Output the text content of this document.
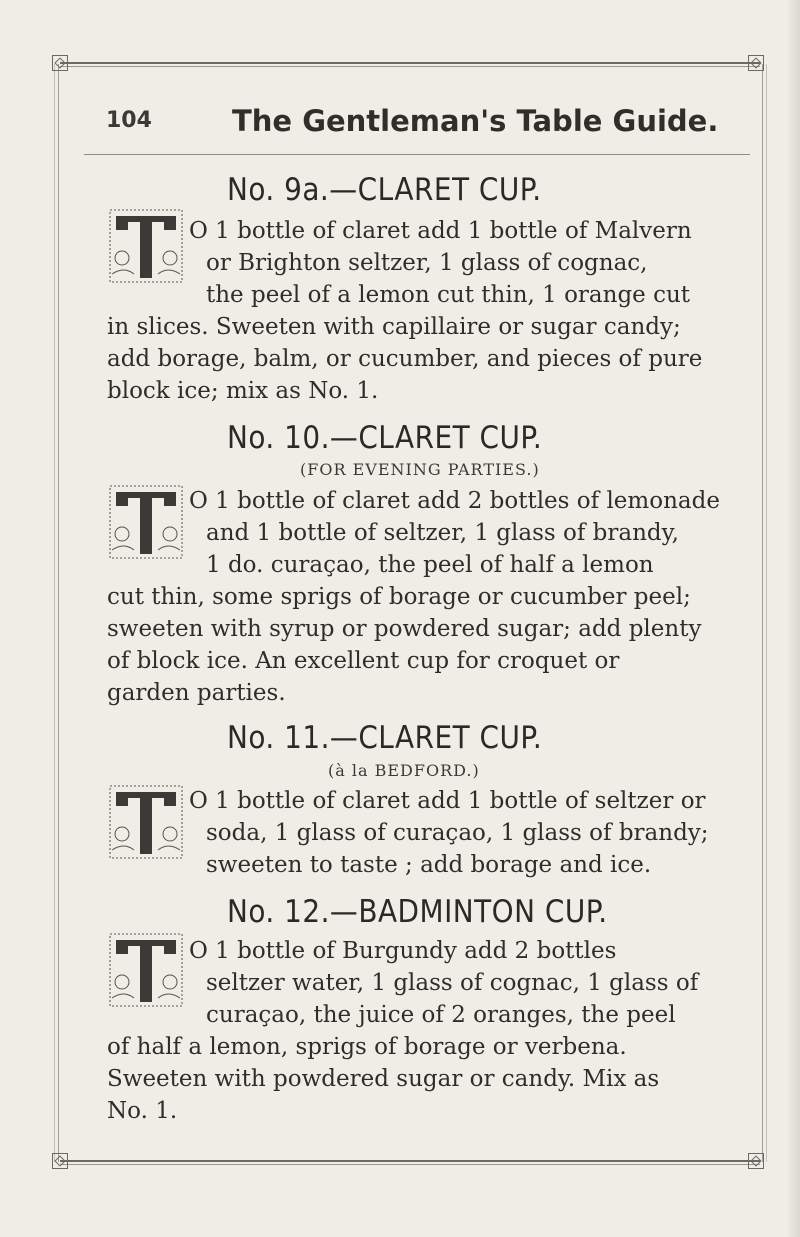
104	The Gentleman's Table Guide.
No. 9a.—CLARET CUP.
O 1 bottle of claret add 1 bottle of Malvern
or Brighton seltzer, 1 glass of cognac,
the peel of a lemon cut thin, 1 orange cut
in slices. Sweeten with capillaire or sugar candy;
add borage, balm, or cucumber, and pieces of pure
block ice; mix as No. 1.
No. 10.—CLARET CUP.
(FOR EVENING PARTIES.)
O 1 bottle of claret add 2 bottles of lemonade
and 1 bottle of seltzer, 1 glass of brandy,
1 do. curaçao, the peel of half a lemon
cut thin, some sprigs of borage or cucumber peel;
sweeten with syrup or powdered sugar; add plenty
of block ice. An excellent cup for croquet or
garden parties.
No. 11.—CLARET CUP.
(à la BEDFORD.)
O 1 bottle of claret add 1 bottle of seltzer or
soda, 1 glass of curaçao, 1 glass of brandy;
sweeten to taste ; add borage and ice.
No. 12.—BADMINTON CUP.
O 1 bottle of Burgundy add 2 bottles
seltzer water, 1 glass of cognac, 1 glass of
curaçao, the juice of 2 oranges, the peel
of half a lemon, sprigs of borage or verbena.
Sweeten with powdered sugar or candy. Mix as
No. 1.
